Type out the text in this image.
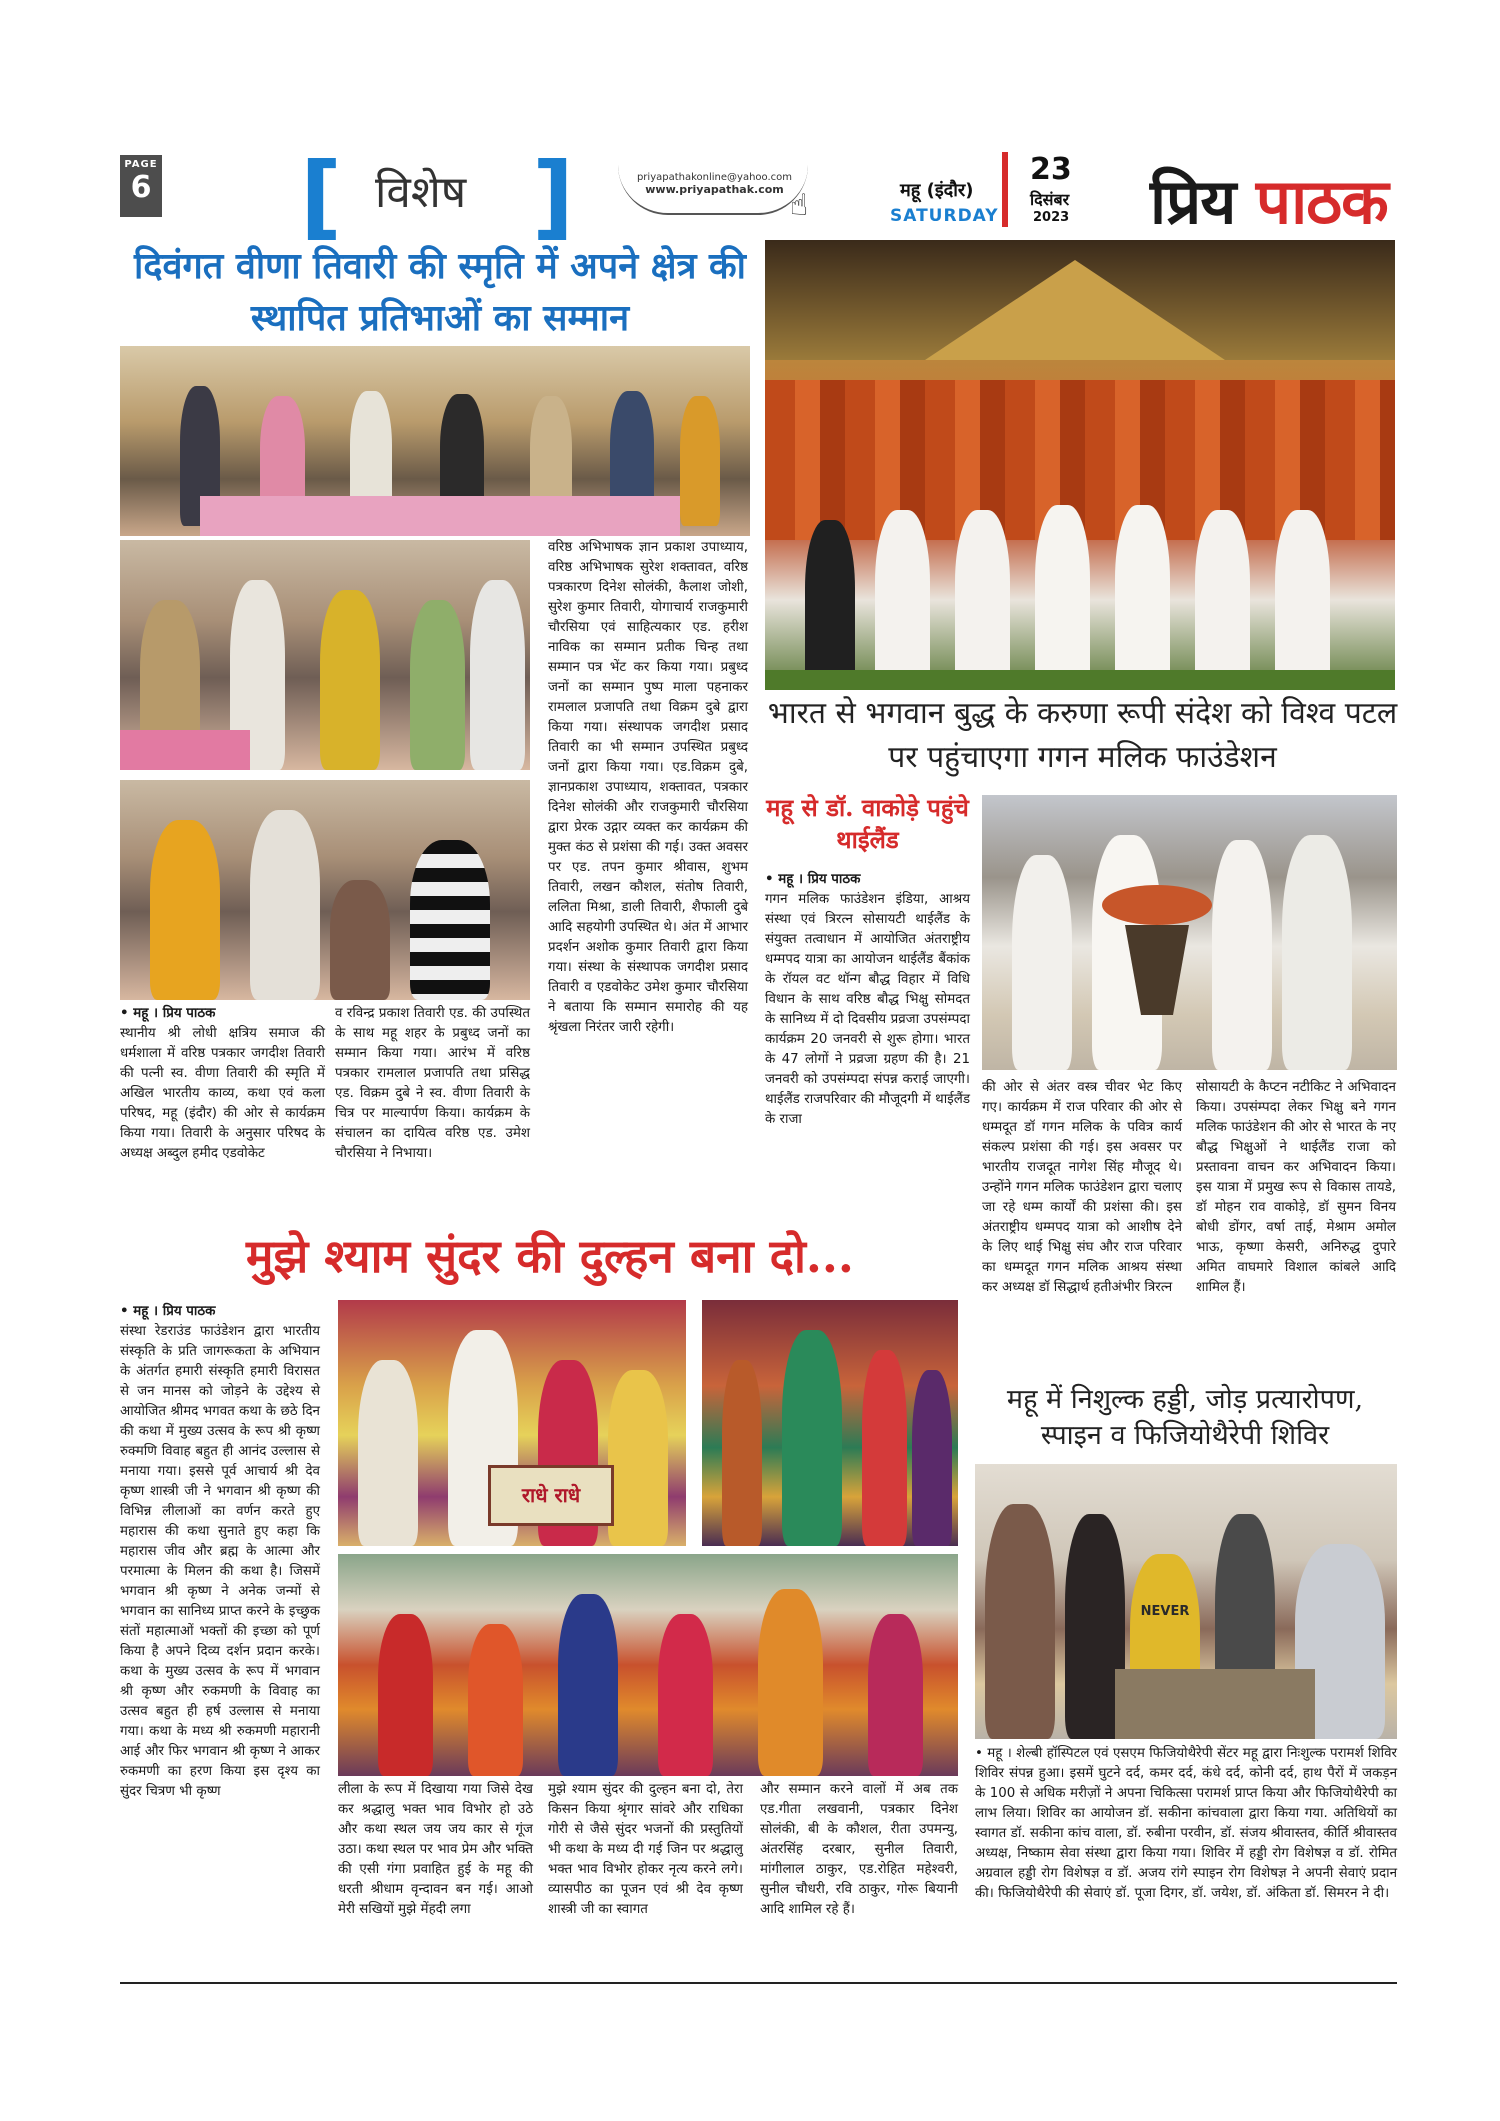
PAGE
6 [ विशेष ]	priyapathakonline@yahoo.com
www.priyapathak.com ☝	महू (इंदौर)
SATURDAY
23
दिसंबर
2023 प्रिय पाठक
दिवंगत वीणा तिवारी की स्मृति में अपने क्षेत्र की स्थापित प्रतिभाओं का सम्मान
• महू । प्रिय पाठक
स्थानीय श्री लोधी क्षत्रिय समाज की धर्मशाला में वरिष्ठ पत्रकार जगदीश तिवारी की पत्नी स्व. वीणा तिवारी की स्मृति में अखिल भारतीय काव्य, कथा एवं कला परिषद, महू (इंदौर) की ओर से कार्यक्रम किया गया। तिवारी के अनुसार परिषद के अध्यक्ष अब्दुल हमीद एडवोकेट
व रविन्द्र प्रकाश तिवारी एड. की उपस्थित के साथ महू शहर के प्रबुध्द जनों का सम्मान किया गया। आरंभ में वरिष्ठ पत्रकार रामलाल प्रजापति तथा प्रसिद्ध एड. विक्रम दुबे ने स्व. वीणा तिवारी के चित्र पर माल्यार्पण किया। कार्यक्रम के संचालन का दायित्व वरिष्ठ एड. उमेश चौरसिया ने निभाया।
वरिष्ठ अभिभाषक ज्ञान प्रकाश उपाध्याय, वरिष्ठ अभिभाषक सुरेश शक्तावत, वरिष्ठ पत्रकारण दिनेश सोलंकी, कैलाश जोशी, सुरेश कुमार तिवारी, योगाचार्य राजकुमारी चौरसिया एवं साहित्यकार एड. हरीश नाविक का सम्मान प्रतीक चिन्ह तथा सम्मान पत्र भेंट कर किया गया। प्रबुध्द जनों का सम्मान पुष्प माला पहनाकर रामलाल प्रजापति तथा विक्रम दुबे द्वारा किया गया। संस्थापक जगदीश प्रसाद तिवारी का भी सम्मान उपस्थित प्रबुध्द जनों द्वारा किया गया। एड.विक्रम दुबे, ज्ञानप्रकाश उपाध्याय, शक्तावत, पत्रकार दिनेश सोलंकी और राजकुमारी चौरसिया द्वारा प्रेरक उद्गार व्यक्त कर कार्यक्रम की मुक्त कंठ से प्रशंसा की गई। उक्त अवसर पर एड. तपन कुमार श्रीवास, शुभम तिवारी, लखन कौशल, संतोष तिवारी, ललिता मिश्रा, डाली तिवारी, शैफाली दुबे आदि सहयोगी उपस्थित थे। अंत में आभार प्रदर्शन अशोक कुमार तिवारी द्वारा किया गया। संस्था के संस्थापक जगदीश प्रसाद तिवारी व एडवोकेट उमेश कुमार चौरसिया ने बताया कि सम्मान समारोह की यह श्रृंखला निरंतर जारी रहेगी।
भारत से भगवान बुद्ध के करुणा रूपी संदेश को विश्व पटल पर पहुंचाएगा गगन मलिक फाउंडेशन
महू से डॉ. वाकोड़े पहुंचे थाईलैंड
• महू । प्रिय पाठक
गगन मलिक फाउंडेशन इंडिया, आश्रय संस्था एवं त्रिरत्न सोसायटी थाईलैंड के संयुक्त तत्वाधान में आयोजित अंतराष्ट्रीय धम्मपद यात्रा का आयोजन थाईलैंड बैंकांक के रॉयल वट थॉन्ग बौद्ध विहार में विधि विधान के साथ वरिष्ठ बौद्ध भिक्षु सोमदत के सानिध्य में दो दिवसीय प्रव्रजा उपसंम्पदा कार्यक्रम 20 जनवरी से शुरू होगा। भारत के 47 लोगों ने प्रव्रजा ग्रहण की है। 21 जनवरी को उपसंम्पदा संपन्न कराई जाएगी। थाईलैंड राजपरिवार की मौजूदगी में थाईलैंड के राजा
की ओर से अंतर वस्त्र चीवर भेट किए गए। कार्यक्रम में राज परिवार की ओर से धम्मदूत डॉ गगन मलिक के पवित्र कार्य संकल्प प्रशंसा की गई। इस अवसर पर भारतीय राजदूत नागेश सिंह मौजूद थे। उन्होंने गगन मलिक फाउंडेशन द्वारा चलाए जा रहे धम्म कार्यों की प्रशंसा की। इस अंतराष्ट्रीय धम्मपद यात्रा को आशीष देने के लिए थाई भिक्षु संघ और राज परिवार का धम्मदूत गगन मलिक आश्रय संस्था कर अध्यक्ष डॉ सिद्धार्थ हतीअंभीर त्रिरत्न
सोसायटी के कैप्टन नटीकिट ने अभिवादन किया। उपसंम्पदा लेकर भिक्षु बने गगन मलिक फाउंडेशन की ओर से भारत के नए बौद्ध भिक्षुओं ने थाईलैंड राजा को प्रस्तावना वाचन कर अभिवादन किया। इस यात्रा में प्रमुख रूप से विकास तायडे, डॉ मोहन राव वाकोड़े, डॉ सुमन विनय बोधी डोंगर, वर्षा ताई, मेश्राम अमोल भाऊ, कृष्णा केसरी, अनिरुद्ध दुपारे अमित वाघमारे विशाल कांबले आदि शामिल हैं।
मुझे श्याम सुंदर की दुल्हन बना दो...
• महू । प्रिय पाठक
संस्था रेडराउंड फाउंडेशन द्वारा भारतीय संस्कृति के प्रति जागरूकता के अभियान के अंतर्गत हमारी संस्कृति हमारी विरासत से जन मानस को जोड़ने के उद्देश्य से आयोजित श्रीमद भगवत कथा के छठे दिन की कथा में मुख्य उत्सव के रूप श्री कृष्ण रुक्मणि विवाह बहुत ही आनंद उल्लास से मनाया गया। इससे पूर्व आचार्य श्री देव कृष्ण शास्त्री जी ने भगवान श्री कृष्ण की विभिन्न लीलाओं का वर्णन करते हुए महारास की कथा सुनाते हुए कहा कि महारास जीव और ब्रह्म के आत्मा और परमात्मा के मिलन की कथा है। जिसमें भगवान श्री कृष्ण ने अनेक जन्मों से भगवान का सानिध्य प्राप्त करने के इच्छुक संतों महात्माओं भक्तों की इच्छा को पूर्ण किया है अपने दिव्य दर्शन प्रदान करके। कथा के मुख्य उत्सव के रूप में भगवान श्री कृष्ण और रुकमणी के विवाह का उत्सव बहुत ही हर्ष उल्लास से मनाया गया। कथा के मध्य श्री रुकमणी महारानी आई और फिर भगवान श्री कृष्ण ने आकर रुकमणी का हरण किया इस दृश्य का सुंदर चित्रण भी कृष्ण
राधे राधे
लीला के रूप में दिखाया गया जिसे देख कर श्रद्धालु भक्त भाव विभोर हो उठे और कथा स्थल जय जय कार से गूंज उठा। कथा स्थल पर भाव प्रेम और भक्ति की एसी गंगा प्रवाहित हुई के महू की धरती श्रीधाम वृन्दावन बन गई। आओ मेरी सखियों मुझे मेंहदी लगा
मुझे श्याम सुंदर की दुल्हन बना दो, तेरा किसन किया श्रृंगार सांवरे और राधिका गोरी से जैसे सुंदर भजनों की प्रस्तुतियों भी कथा के मध्य दी गई जिन पर श्रद्धालु भक्त भाव विभोर होकर नृत्य करने लगे। व्यासपीठ का पूजन एवं श्री देव कृष्ण शास्त्री जी का स्वागत
और सम्मान करने वालों में अब तक एड.गीता लखवानी, पत्रकार दिनेश सोलंकी, बी के कौशल, रीता उपमन्यु, अंतरसिंह दरबार, सुनील तिवारी, मांगीलाल ठाकुर, एड.रोहित महेश्वरी, सुनील चौधरी, रवि ठाकुर, गोरू बियानी आदि शामिल रहे हैं।
महू में निशुल्क हड्डी, जोड़ प्रत्यारोपण, स्पाइन व फिजियोथैरेपी शिविर
NEVER
• महू । शेल्बी हॉस्पिटल एवं एसएम फिजियोथैरेपी सेंटर महू द्वारा निःशुल्क परामर्श शिविर शिविर संपन्न हुआ। इसमें घुटने दर्द, कमर दर्द, कंधे दर्द, कोनी दर्द, हाथ पैरों में जकड़न के 100 से अधिक मरीज़ों ने अपना चिकित्सा परामर्श प्राप्त किया और फिजियोथैरेपी का लाभ लिया। शिविर का आयोजन डॉ. सकीना कांचवाला द्वारा किया गया. अतिथियों का स्वागत डॉ. सकीना कांच वाला, डॉ. रुबीना परवीन, डॉ. संजय श्रीवास्तव, कीर्ति श्रीवास्तव अध्यक्ष, निष्काम सेवा संस्था द्वारा किया गया। शिविर में हड्डी रोग विशेषज्ञ व डॉ. रोमित अग्रवाल हड्डी रोग विशेषज्ञ व डॉ. अजय रांगे स्पाइन रोग विशेषज्ञ ने अपनी सेवाएं प्रदान की। फिजियोथैरेपी की सेवाएं डॉ. पूजा दिगर, डॉ. जयेश, डॉ. अंकिता डॉ. सिमरन ने दी।
